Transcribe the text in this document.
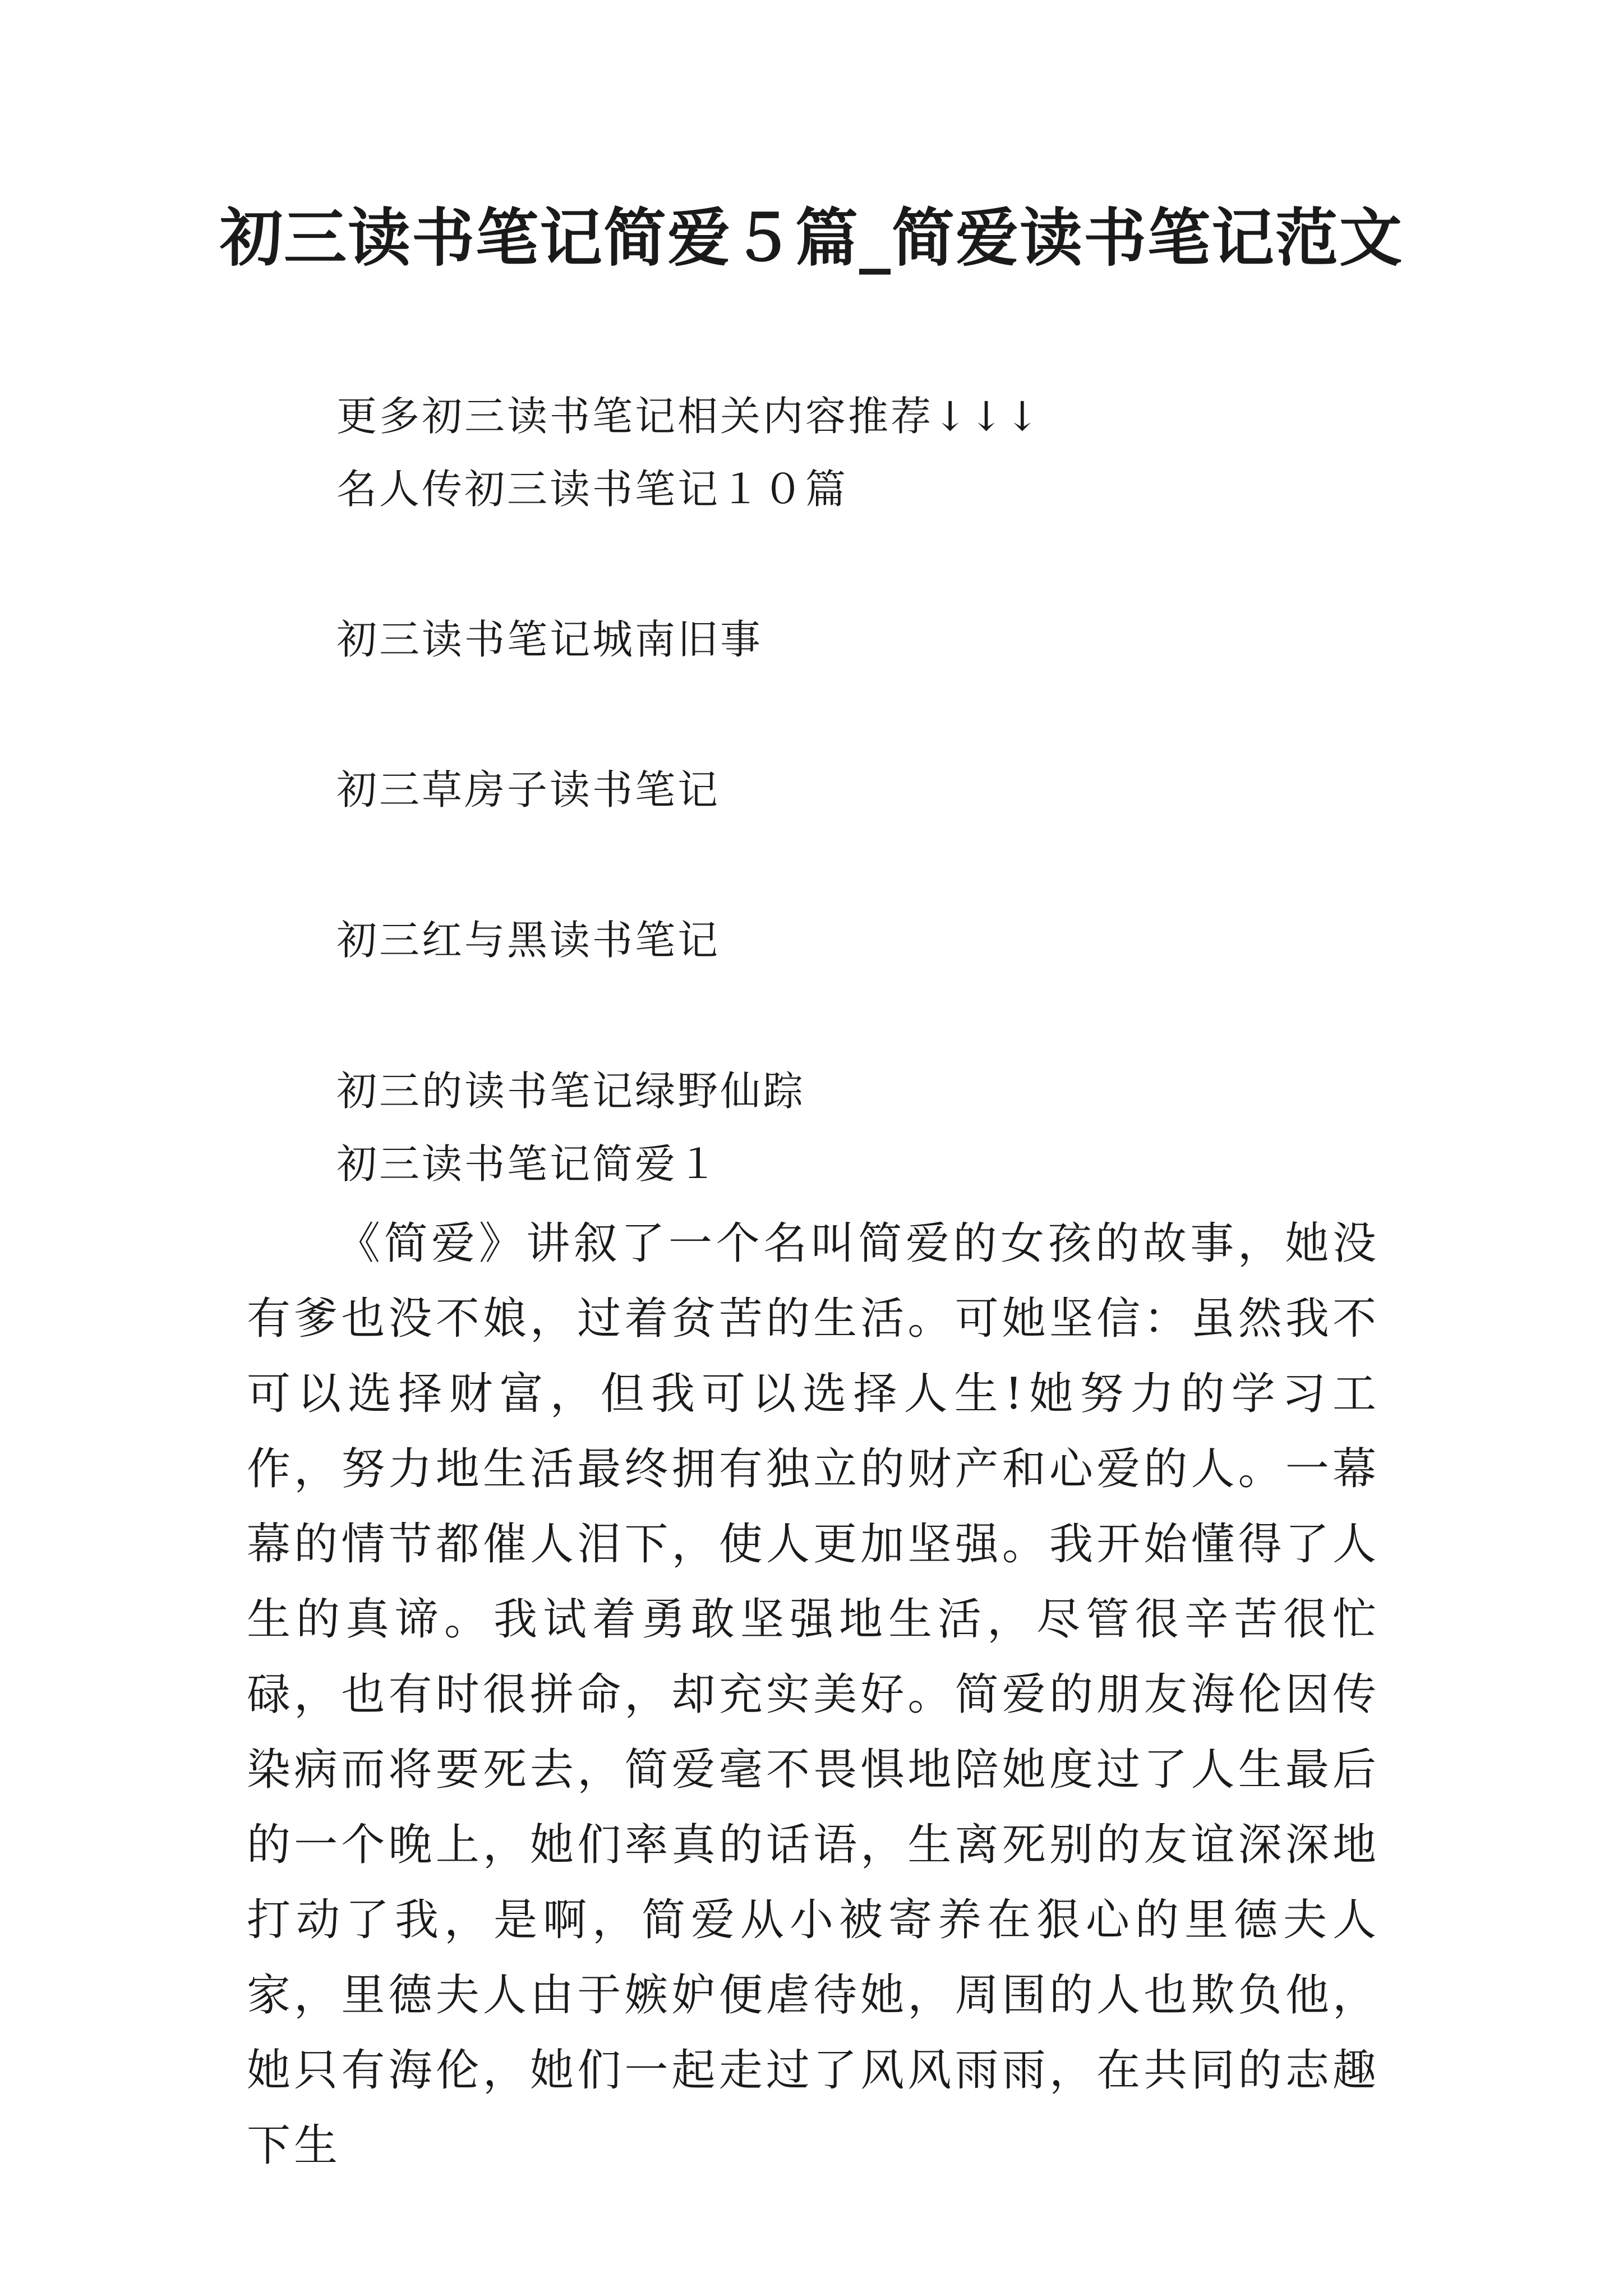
初三读书笔记简爱５篇_简爱读书笔记范文
更多初三读书笔记相关内容推荐↓↓↓
名人传初三读书笔记１０篇
初三读书笔记城南旧事
初三草房子读书笔记
初三红与黑读书笔记
初三的读书笔记绿野仙踪
初三读书笔记简爱１

《简爱》讲叙了一个名叫简爱的女孩的故事，她没有爹也没不娘，过着贫苦的生活。可她坚信：虽然我不可以选择财富，但我可以选择人生!她努力的学习工作，努力地生活最终拥有独立的财产和心爱的人。一幕幕的情节都催人泪下，使人更加坚强。我开始懂得了人生的真谛。我试着勇敢坚强地生活，尽管很辛苦很忙碌，也有时很拼命，却充实美好。简爱的朋友海伦因传染病而将要死去，简爱毫不畏惧地陪她度过了人生最后的一个晚上，她们率真的话语，生离死别的友谊深深地打动了我，是啊，简爱从小被寄养在狠心的里德夫人家，里德夫人由于嫉妒便虐待她，周围的人也欺负他，她只有海伦，她们一起走过了风风雨雨，在共同的志趣下生
